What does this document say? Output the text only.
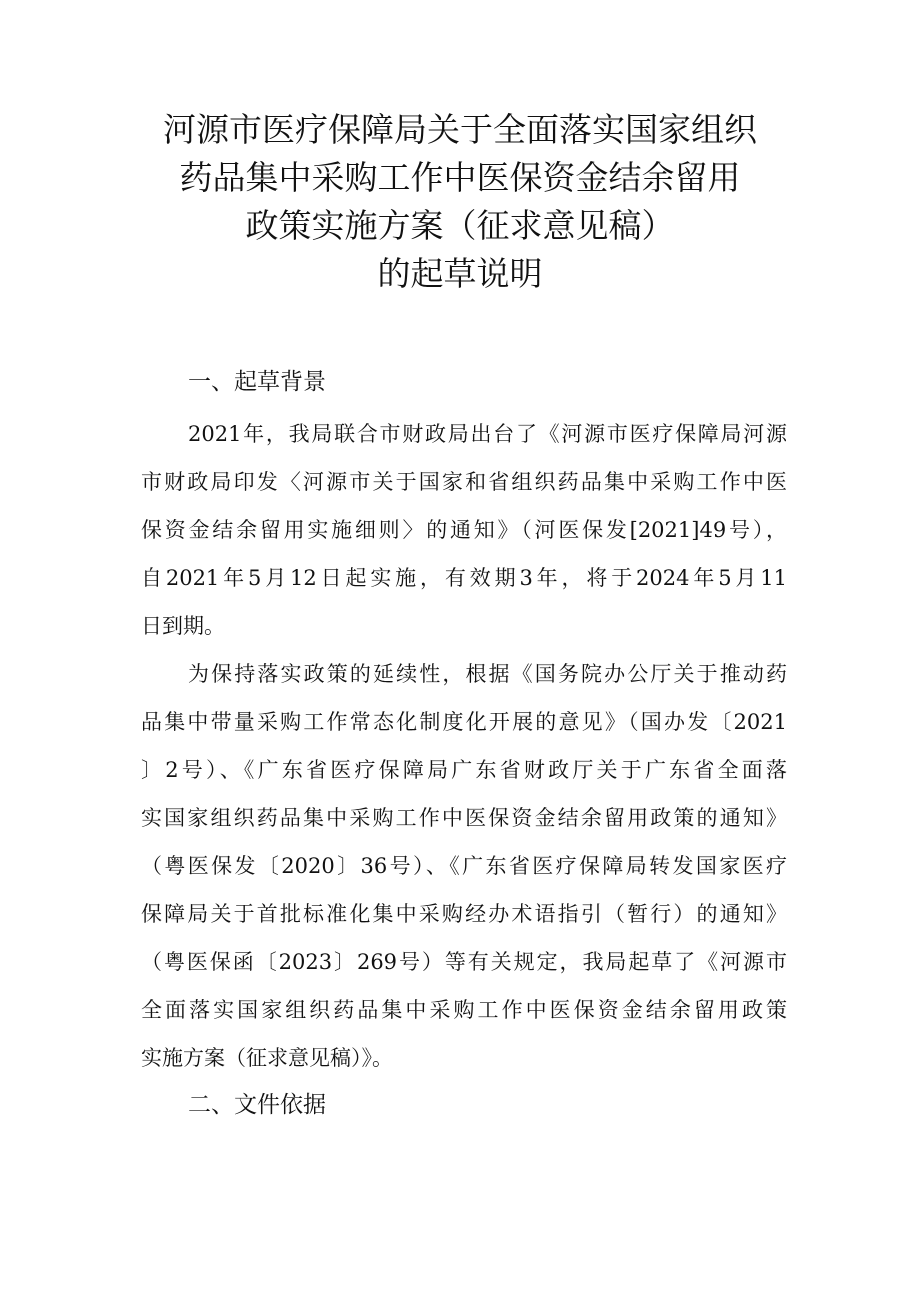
河源市医疗保障局关于全面落实国家组织
药品集中采购工作中医保资金结余留用
政策实施方案（征求意见稿）
的起草说明
一、起草背景
2021年，我局联合市财政局出台了《河源市医疗保障局河源
市财政局印发〈河源市关于国家和省组织药品集中采购工作中医
保资金结余留用实施细则〉的通知》（河医保发[2021]49号），
自2021年5月12日起实施，有效期3年，将于2024年5月11
日到期。
为保持落实政策的延续性，根据《国务院办公厅关于推动药
品集中带量采购工作常态化制度化开展的意见》（国办发〔2021
〕2号）、《广东省医疗保障局广东省财政厅关于广东省全面落
实国家组织药品集中采购工作中医保资金结余留用政策的通知》
（粤医保发〔2020〕36号）、《广东省医疗保障局转发国家医疗
保障局关于首批标准化集中采购经办术语指引（暂行）的通知》
（粤医保函〔2023〕269号）等有关规定，我局起草了《河源市
全面落实国家组织药品集中采购工作中医保资金结余留用政策
实施方案（征求意见稿）》。
二、文件依据
